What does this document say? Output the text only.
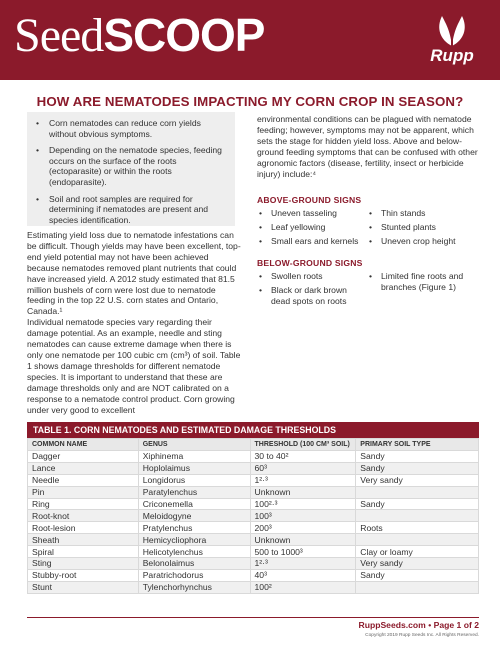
SeedSCOOP	Rupp
HOW ARE NEMATODES IMPACTING MY CORN CROP IN SEASON?
• Corn nematodes can reduce corn yields without obvious symptoms.
• Depending on the nematode species, feeding occurs on the surface of the roots (ectoparasite) or within the roots (endoparasite).
• Soil and root samples are required for determining if nematodes are present and species identification.

Estimating yield loss due to nematode infestations can be difficult. Though yields may have been excellent, top-end yield potential may not have been achieved because nematodes removed plant nutrients that could have increased yield. A 2012 study estimated that 81.5 million bushels of corn were lost due to nematode feeding in the top 22 U.S. corn states and Ontario, Canada.¹

Individual nematode species vary regarding their damage potential. As an example, needle and sting nematodes can cause extreme damage when there is only one nematode per 100 cubic cm (cm³) of soil. Table 1 shows damage thresholds for different nematode species. It is important to understand that these are damage thresholds only and are NOT calibrated on a response to a nematode control product. Corn growing under very good to excellent

environmental conditions can be plagued with nematode feeding; however, symptoms may not be apparent, which sets the stage for hidden yield loss. Above and below-ground feeding symptoms that can be confused with other agronomic factors (disease, fertility, insect or herbicide injury) include:⁴
ABOVE-GROUND SIGNS
• Uneven tasseling
• Leaf yellowing
• Small ears and kernels
• Thin stands
• Stunted plants
• Uneven crop height
BELOW-GROUND SIGNS
• Swollen roots
• Black or dark brown dead spots on roots
• Limited fine roots and branches (Figure 1)
TABLE 1. CORN NEMATODES AND ESTIMATED DAMAGE THRESHOLDS
COMMON NAME	GENUS	THRESHOLD (100 CM³ SOIL)	PRIMARY SOIL TYPE
Dagger	Xiphinema	30 to 40²	Sandy
Lance	Hoplolaimus	60³	Sandy
Needle	Longidorus	1²·³	Very sandy
Pin	Paratylenchus	Unknown	
Ring	Criconemella	100²·³	Sandy
Root-knot	Meloidogyne	100³	
Root-lesion	Pratylenchus	200³	Roots
Sheath	Hemicycliophora	Unknown	
Spiral	Helicotylenchus	500 to 1000³	Clay or loamy
Sting	Belonolaimus	1²·³	Very sandy
Stubby-root	Paratrichodorus	40³	Sandy
Stunt	Tylenchorhynchus	100²	
RuppSeeds.com • Page 1 of 2
Copyright 2019 Rupp Seeds Inc. All Rights Reserved.
